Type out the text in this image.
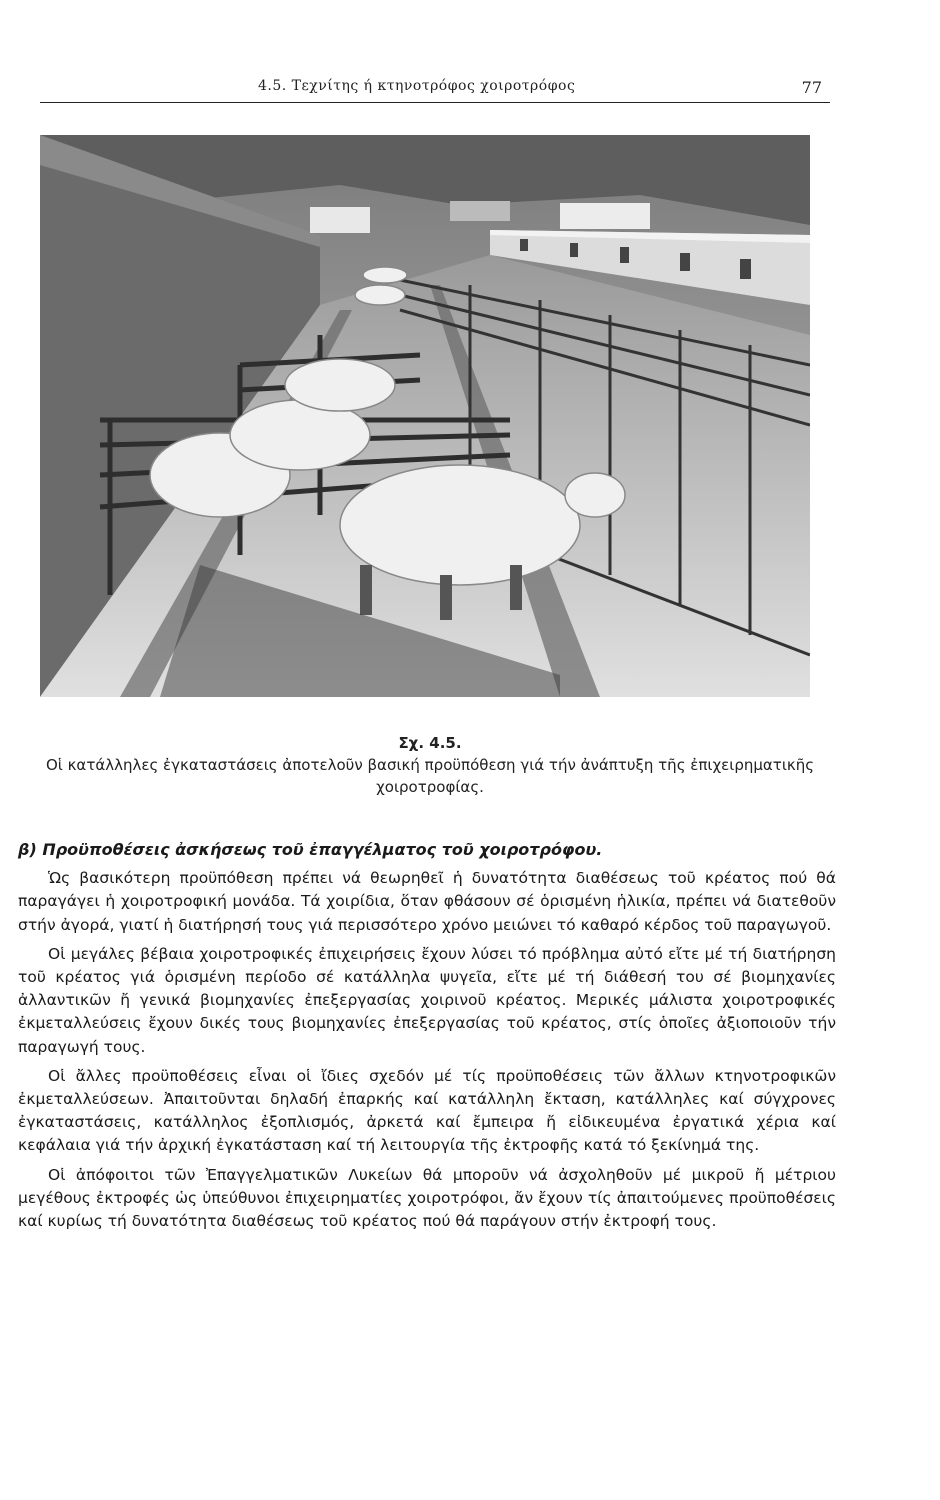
4.5. Τεχνίτης ή κτηνοτρόφος χοιροτρόφος	77
Σχ. 4.5.
Οἱ κατάλληλες ἐγκαταστάσεις ἀποτελοῦν βασική προϋπόθεση γιά τήν ἀνάπτυξη τῆς ἐπιχειρηματικῆς χοιροτροφίας.

β) Προϋποθέσεις ἀσκήσεως τοῦ ἐπαγγέλματος τοῦ χοιροτρόφου.

Ὡς βασικότερη προϋπόθεση πρέπει νά θεωρηθεῖ ἡ δυνατότητα διαθέσεως τοῦ κρέατος πού θά παραγάγει ἡ χοιροτροφική μονάδα. Τά χοιρίδια, ὅταν φθάσουν σέ ὁρισμένη ἡλικία, πρέπει νά διατεθοῦν στήν ἀγορά, γιατί ἡ διατήρησή τους γιά περισσότερο χρόνο μειώνει τό καθαρό κέρδος τοῦ παραγωγοῦ.

Οἱ μεγάλες βέβαια χοιροτροφικές ἐπιχειρήσεις ἔχουν λύσει τό πρόβλημα αὐτό εἴτε μέ τή διατήρηση τοῦ κρέατος γιά ὁρισμένη περίοδο σέ κατάλληλα ψυγεῖα, εἴτε μέ τή διάθεσή του σέ βιομηχανίες ἀλλαντικῶν ἤ γενικά βιομηχανίες ἐπεξεργασίας χοιρινοῦ κρέατος. Μερικές μάλιστα χοιροτροφικές ἐκμεταλλεύσεις ἔχουν δικές τους βιομηχανίες ἐπεξεργασίας τοῦ κρέατος, στίς ὁποῖες ἀξιοποιοῦν τήν παραγωγή τους.

Οἱ ἄλλες προϋποθέσεις εἶναι οἱ ἴδιες σχεδόν μέ τίς προϋποθέσεις τῶν ἄλλων κτηνοτροφικῶν ἐκμεταλλεύσεων. Ἀπαιτοῦνται δηλαδή ἐπαρκής καί κατάλληλη ἔκταση, κατάλληλες καί σύγχρονες ἐγκαταστάσεις, κατάλληλος ἐξοπλισμός, ἀρκετά καί ἔμπειρα ἤ εἰδικευμένα ἐργατικά χέρια καί κεφάλαια γιά τήν ἀρχική ἐγκατάσταση καί τή λειτουργία τῆς ἐκτροφῆς κατά τό ξεκίνημά της.

Οἱ ἀπόφοιτοι τῶν Ἐπαγγελματικῶν Λυκείων θά μποροῦν νά ἀσχοληθοῦν μέ μικροῦ ἤ μέτριου μεγέθους ἐκτροφές ὡς ὑπεύθυνοι ἐπιχειρηματίες χοιροτρόφοι, ἄν ἔχουν τίς ἀπαιτούμενες προϋποθέσεις καί κυρίως τή δυνατότητα διαθέσεως τοῦ κρέατος πού θά παράγουν στήν ἐκτροφή τους.
